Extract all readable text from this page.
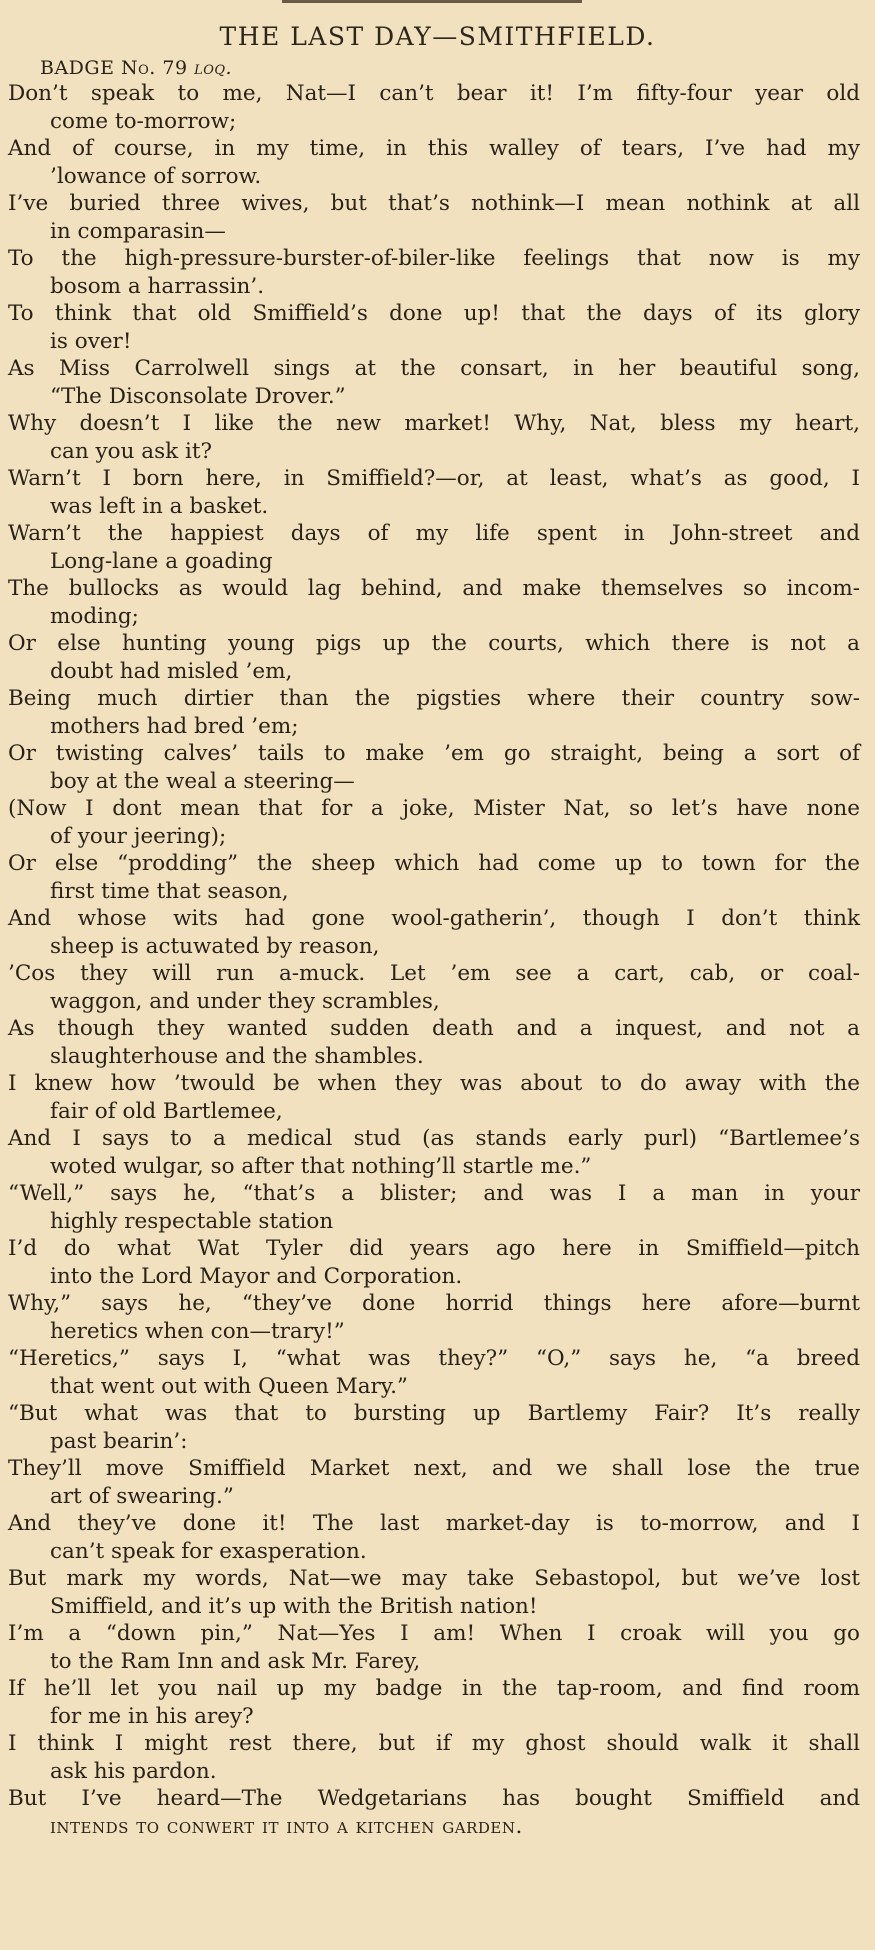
THE LAST DAY—SMITHFIELD.
BADGE No. 79 loq.
Don’t speak to me, Nat—I can’t bear it! I’m fifty-four year old
come to-morrow;
And of course, in my time, in this walley of tears, I’ve had my
’lowance of sorrow.
I’ve buried three wives, but that’s nothink—I mean nothink at all
in comparasin—
To the high-pressure-burster-of-biler-like feelings that now is my
bosom a harrassin’.
To think that old Smiffield’s done up! that the days of its glory
is over!
As Miss Carrolwell sings at the consart, in her beautiful song,
“The Disconsolate Drover.”
Why doesn’t I like the new market! Why, Nat, bless my heart,
can you ask it?
Warn’t I born here, in Smiffield?—or, at least, what’s as good, I
was left in a basket.
Warn’t the happiest days of my life spent in John-street and
Long-lane a goading
The bullocks as would lag behind, and make themselves so incom-
moding;
Or else hunting young pigs up the courts, which there is not a
doubt had misled ’em,
Being much dirtier than the pigsties where their country sow-
mothers had bred ’em;
Or twisting calves’ tails to make ’em go straight, being a sort of
boy at the weal a steering—
(Now I dont mean that for a joke, Mister Nat, so let’s have none
of your jeering);
Or else “prodding” the sheep which had come up to town for the
first time that season,
And whose wits had gone wool-gatherin’, though I don’t think
sheep is actuwated by reason,
’Cos they will run a-muck. Let ’em see a cart, cab, or coal-
waggon, and under they scrambles,
As though they wanted sudden death and a inquest, and not a
slaughterhouse and the shambles.
I knew how ’twould be when they was about to do away with the
fair of old Bartlemee,
And I says to a medical stud (as stands early purl) “Bartlemee’s
woted wulgar, so after that nothing’ll startle me.”
“Well,” says he, “that’s a blister; and was I a man in your
highly respectable station
I’d do what Wat Tyler did years ago here in Smiffield—pitch
into the Lord Mayor and Corporation.
Why,” says he, “they’ve done horrid things here afore—burnt
heretics when con—trary!”
“Heretics,” says I, “what was they?” “O,” says he, “a breed
that went out with Queen Mary.”
“But what was that to bursting up Bartlemy Fair? It’s really
past bearin’:
They’ll move Smiffield Market next, and we shall lose the true
art of swearing.”
And they’ve done it! The last market-day is to-morrow, and I
can’t speak for exasperation.
But mark my words, Nat—we may take Sebastopol, but we’ve lost
Smiffield, and it’s up with the British nation!
I’m a “down pin,” Nat—Yes I am! When I croak will you go
to the Ram Inn and ask Mr. Farey,
If he’ll let you nail up my badge in the tap-room, and find room
for me in his arey?
I think I might rest there, but if my ghost should walk it shall
ask his pardon.
But I’ve heard—The Wedgetarians has bought Smiffield and
intends to conwert it into a kitchen garden.
